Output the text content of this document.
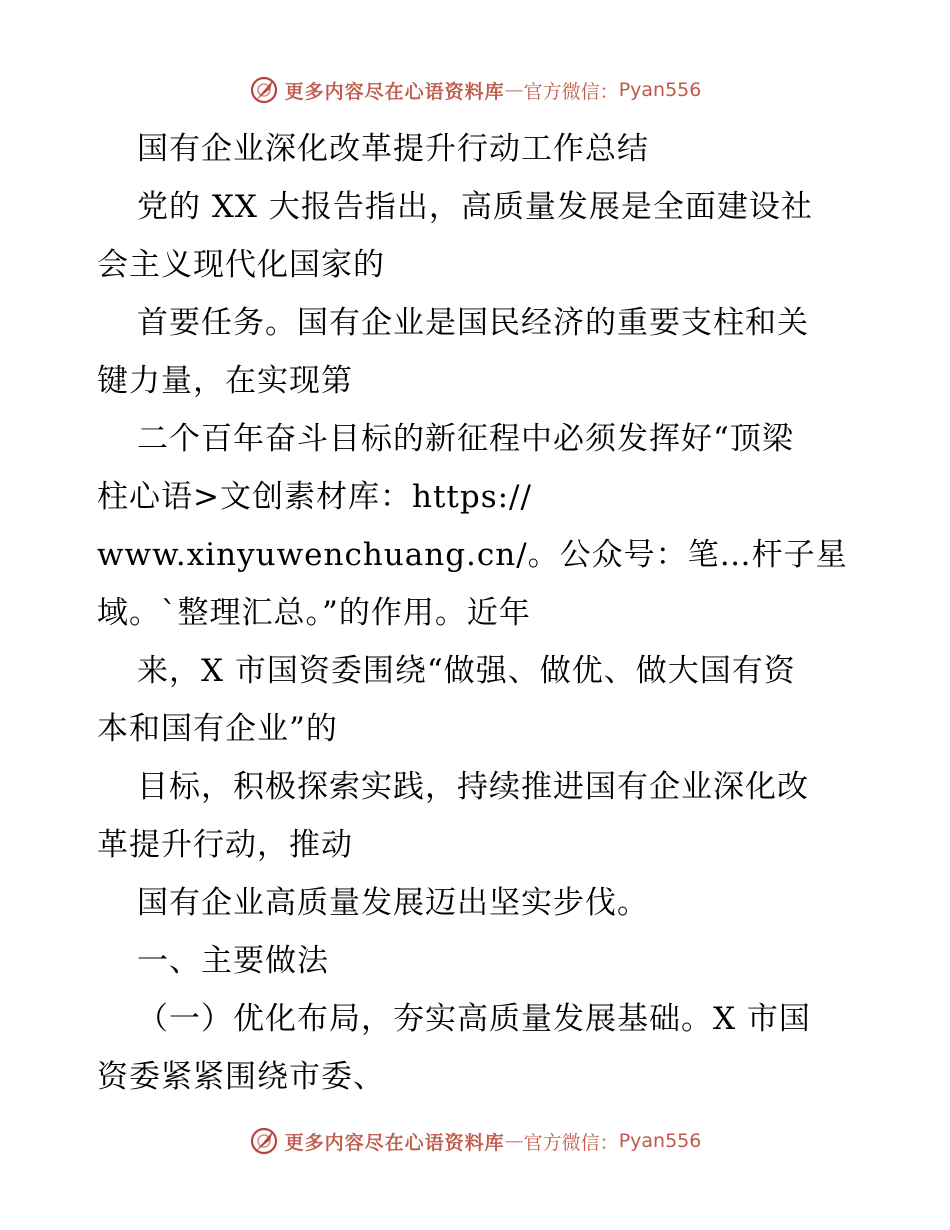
更多内容尽在心语资料库 — 官方微信： Pyan556
国有企业深化改革提升行动工作总结
党的 XX 大报告指出，高质量发展是全面建设社
会主义现代化国家的
首要任务。国有企业是国民经济的重要支柱和关
键力量，在实现第
二个百年奋斗目标的新征程中必须发挥好“顶梁
柱心语>文创素材库：https://
www.xinyuwenchuang.cn/。公众号：笔…杆子星
域。`整理汇总。”的作用。近年
来，X 市国资委围绕“做强、做优、做大国有资
本和国有企业”的
目标，积极探索实践，持续推进国有企业深化改
革提升行动，推动
国有企业高质量发展迈出坚实步伐。
一、主要做法
（一）优化布局，夯实高质量发展基础。X 市国
资委紧紧围绕市委、
更多内容尽在心语资料库 — 官方微信： Pyan556
